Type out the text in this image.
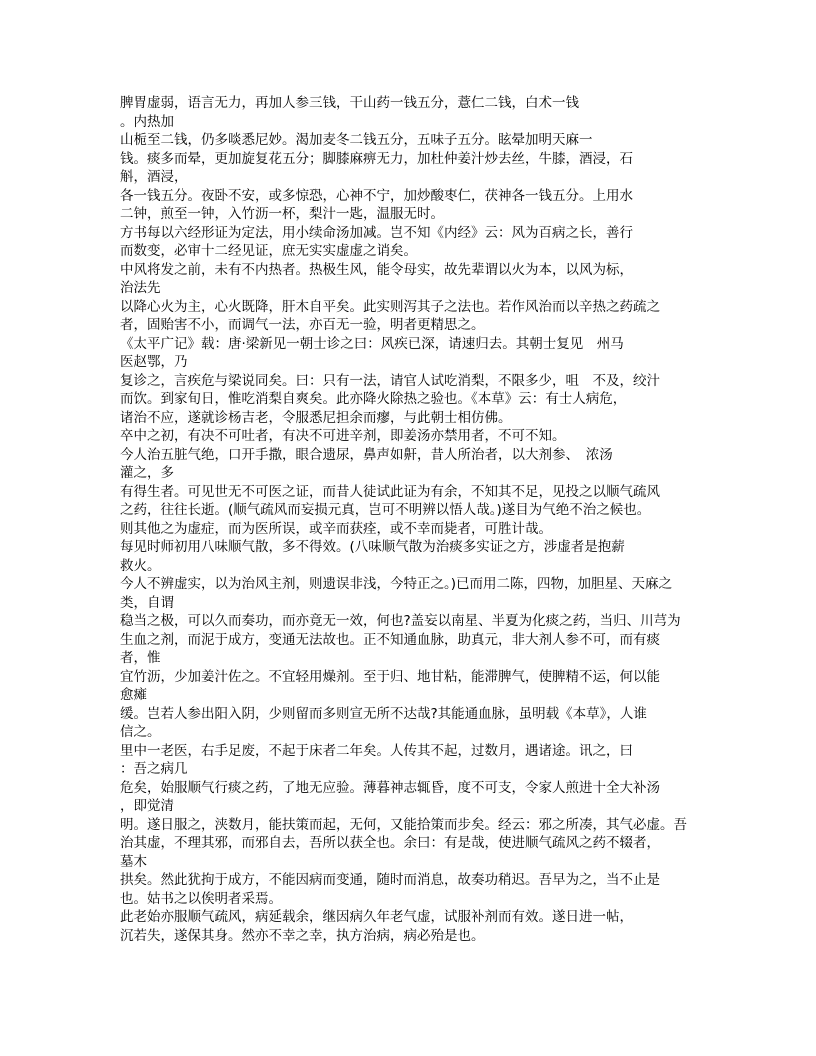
脾胃虚弱，语言无力，再加人参三钱，干山药一钱五分，薏仁二钱，白术一钱
。内热加
山栀至二钱，仍多啖悉尼妙。渴加麦冬二钱五分，五味子五分。眩晕加明天麻一
钱。痰多而晕，更加旋复花五分；脚膝麻痹无力，加杜仲姜汁炒去丝，牛膝，酒浸，石
斛，酒浸，
各一钱五分。夜卧不安，或多惊恐，心神不宁，加炒酸枣仁，茯神各一钱五分。上用水
二钟，煎至一钟，入竹沥一杯，梨汁一匙，温服无时。
方书每以六经形证为定法，用小续命汤加减。岂不知《内经》云：风为百病之长，善行
而数变，必审十二经见证，庶无实实虚虚之诮矣。
中风将发之前，未有不内热者。热极生风，能令母实，故先辈谓以火为本，以风为标，
治法先
以降心火为主，心火既降，肝木自平矣。此实则泻其子之法也。若作风治而以辛热之药疏之
者，固贻害不小，而调气一法，亦百无一验，明者更精思之。
《太平广记》载：唐·梁新见一朝士诊之曰：风疾已深，请速归去。其朝士复见　州马
医赵鄂，乃
复诊之，言疾危与梁说同矣。曰：只有一法，请官人试吃消梨，不限多少，咀　不及，绞汁
而饮。到家旬日，惟吃消梨自爽矣。此亦降火除热之验也。《本草》云：有士人病危，
诸治不应，遂就诊杨吉老，令服悉尼担余而瘳，与此朝士相仿佛。
卒中之初，有决不可吐者，有决不可进辛剂，即姜汤亦禁用者，不可不知。
今人治五脏气绝，口开手撒，眼合遗尿，鼻声如鼾，昔人所治者，以大剂参、　浓汤
灌之，多
有得生者。可见世无不可医之证，而昔人徒试此证为有余，不知其不足，见投之以顺气疏风
之药，往往长逝。(顺气疏风而妄损元真，岂可不明辨以悟人哉。)遂目为气绝不治之候也。
则其他之为虚症，而为医所误，或辛而获痊，或不幸而毙者，可胜计哉。
每见时师初用八味顺气散，多不得效。(八味顺气散为治痰多实证之方，涉虚者是抱薪
救火。
今人不辨虚实，以为治风主剂，则遗误非浅，今特正之。)已而用二陈，四物，加胆星、天麻之
类，自谓
稳当之极，可以久而奏功，而亦竟无一效，何也?盖妄以南星、半夏为化痰之药，当归、川芎为
生血之剂，而泥于成方，变通无法故也。正不知通血脉，助真元，非大剂人参不可，而有痰
者，惟
宜竹沥，少加姜汁佐之。不宜轻用燥剂。至于归、地甘粘，能滞脾气，使脾精不运，何以能
愈瘫
缓。岂若人参出阳入阴，少则留而多则宣无所不达哉?其能通血脉，虽明载《本草》，人谁
信之。
里中一老医，右手足废，不起于床者二年矣。人传其不起，过数月，遇诸途。讯之，曰
：吾之病几
危矣，始服顺气行痰之药，了地无应验。薄暮神志辄昏，度不可支，令家人煎进十全大补汤
，即觉清
明。遂日服之，浃数月，能扶策而起，无何，又能拾策而步矣。经云：邪之所凑，其气必虚。吾
治其虚，不理其邪，而邪自去，吾所以获全也。余曰：有是哉，使进顺气疏风之药不辍者，
墓木
拱矣。然此犹拘于成方，不能因病而变通，随时而消息，故奏功稍迟。吾早为之，当不止是
也。姑书之以俟明者采焉。
此老始亦服顺气疏风，病延载余，继因病久年老气虚，试服补剂而有效。遂日进一帖，
沉若失，遂保其身。然亦不幸之幸，执方治病，病必殆是也。
